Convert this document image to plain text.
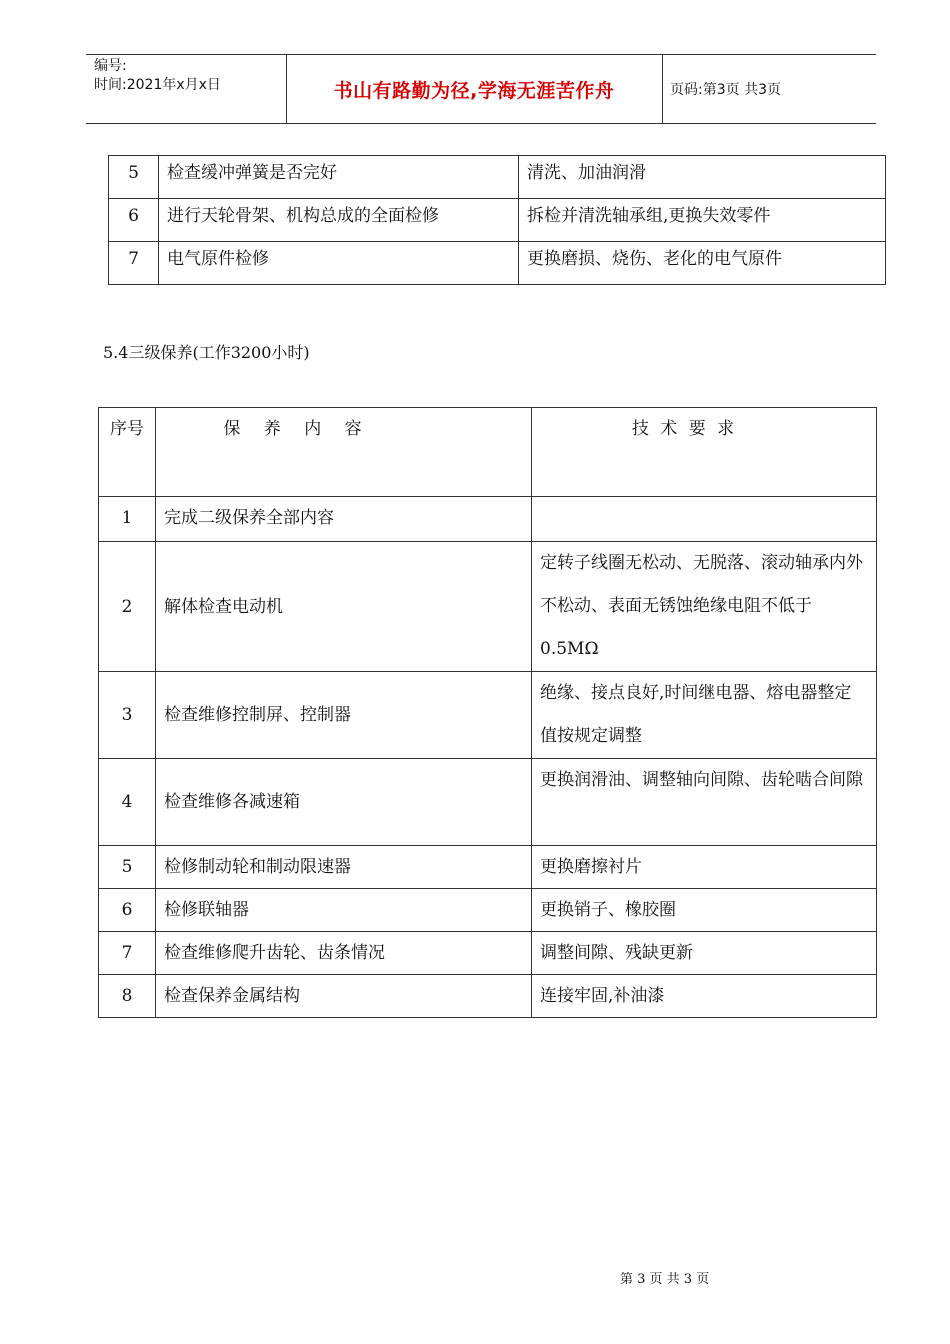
编号:
时间:2021年x月x日	书山有路勤为径,学海无涯苦作舟	页码:第3页 共3页
5	检查缓冲弹簧是否完好	清洗、加油润滑
6	进行天轮骨架、机构总成的全面检修	拆检并清洗轴承组,更换失效零件
7	电气原件检修	更换磨损、烧伤、老化的电气原件
5.4三级保养(工作3200小时)
序号	保 养 内 容	技 术 要 求
1	完成二级保养全部内容	
2	解体检查电动机	定转子线圈无松动、无脱落、滚动轴承内外不松动、表面无锈蚀绝缘电阻不低于0.5MΩ
3	检查维修控制屏、控制器	绝缘、接点良好,时间继电器、熔电器整定值按规定调整
4	检查维修各减速箱	更换润滑油、调整轴向间隙、齿轮啮合间隙
5	检修制动轮和制动限速器	更换磨擦衬片
6	检修联轴器	更换销子、橡胶圈
7	检查维修爬升齿轮、齿条情况	调整间隙、残缺更新
8	检查保养金属结构	连接牢固,补油漆
第 3 页 共 3 页
